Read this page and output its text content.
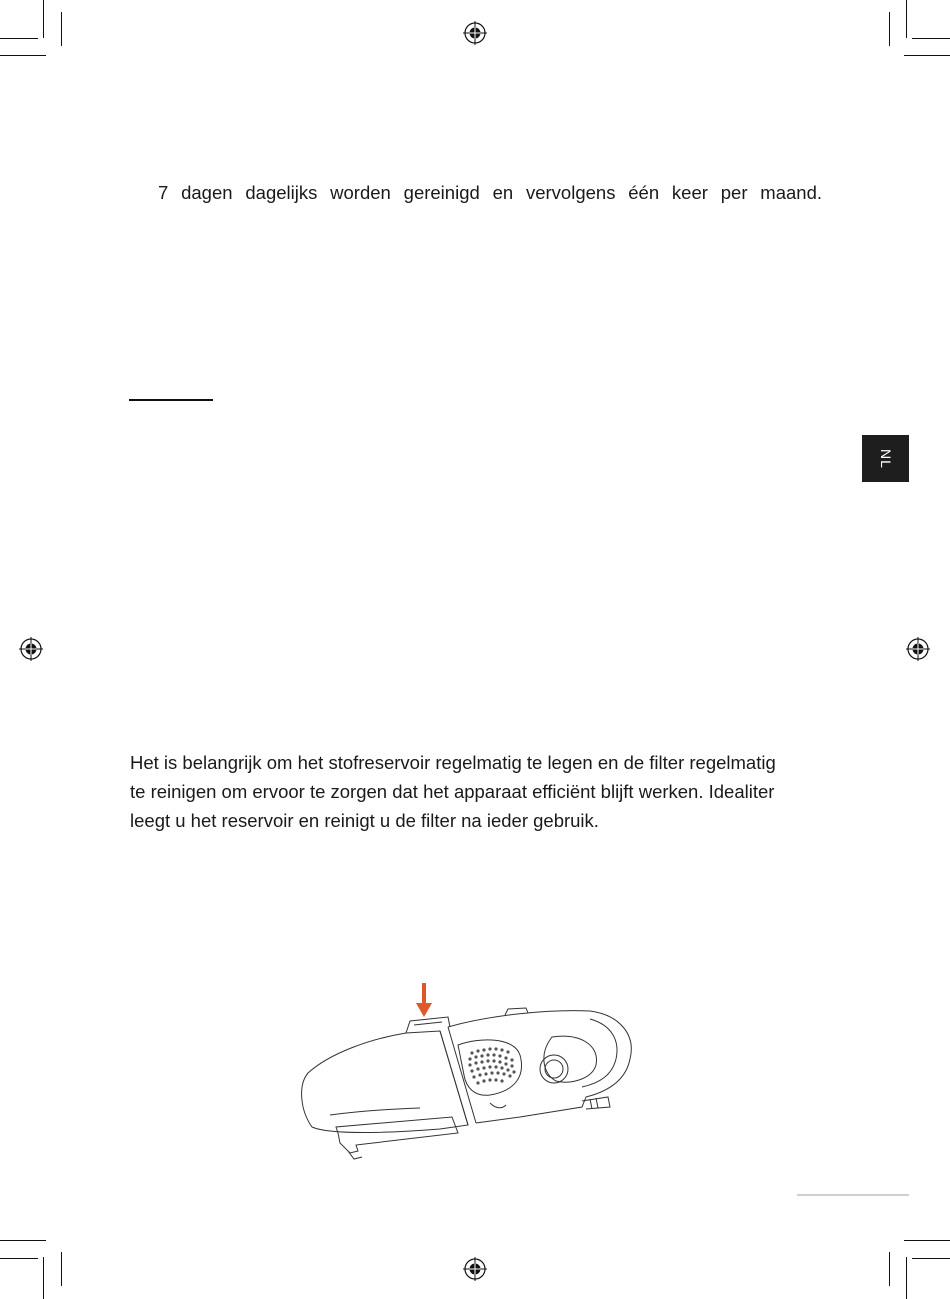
7 dagen dagelijks worden gereinigd en vervolgens één keer per maand.
NL

Het is belangrijk om het stofreservoir regelmatig te legen en de filter regelmatig
te reinigen om ervoor te zorgen dat het apparaat efficiënt blijft werken. Idealiter
leegt u het reservoir en reinigt u de filter na ieder gebruik.
